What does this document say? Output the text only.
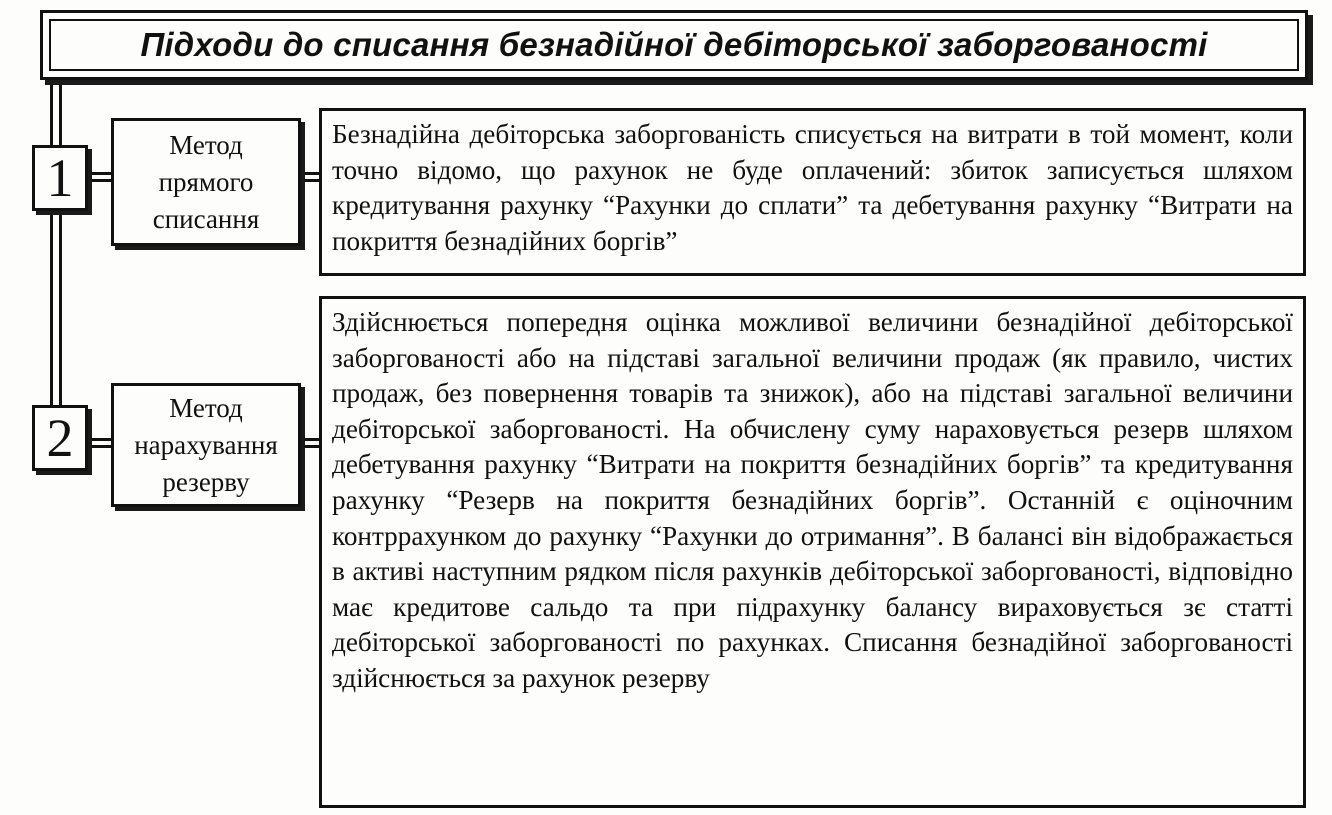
Підходи до списання безнадійної дебіторської заборгованості
1
Метод
прямого
списання
Безнадійна дебіторська заборгованість списується на витрати в той момент, коли точно відомо, що рахунок не буде оплачений: збиток записується шляхом кредитування рахунку “Рахунки до сплати” та дебетування рахунку “Витрати на покриття безнадійних боргів”
2
Метод
нарахування
резерву
Здійснюється попередня оцінка можливої величини безнадійної дебіторської заборгованості або на підставі загальної величини продаж (як правило, чистих продаж, без повернення товарів та знижок), або на підставі загальної величини дебіторської заборгованості. На обчислену суму нараховується резерв шляхом дебетування рахунку “Витрати на покриття безнадійних боргів” та кредитування рахунку “Резерв на покриття безнадійних боргів”. Останній є оціночним контррахунком до рахунку “Рахунки до отримання”. В балансі він відображається в активі наступним рядком після рахунків дебіторської заборгованості, відповідно має кредитове сальдо та при підрахунку балансу вираховується зє статті дебіторської заборгованості по рахунках. Списання безнадійної заборгованості здійснюється за рахунок резерву
